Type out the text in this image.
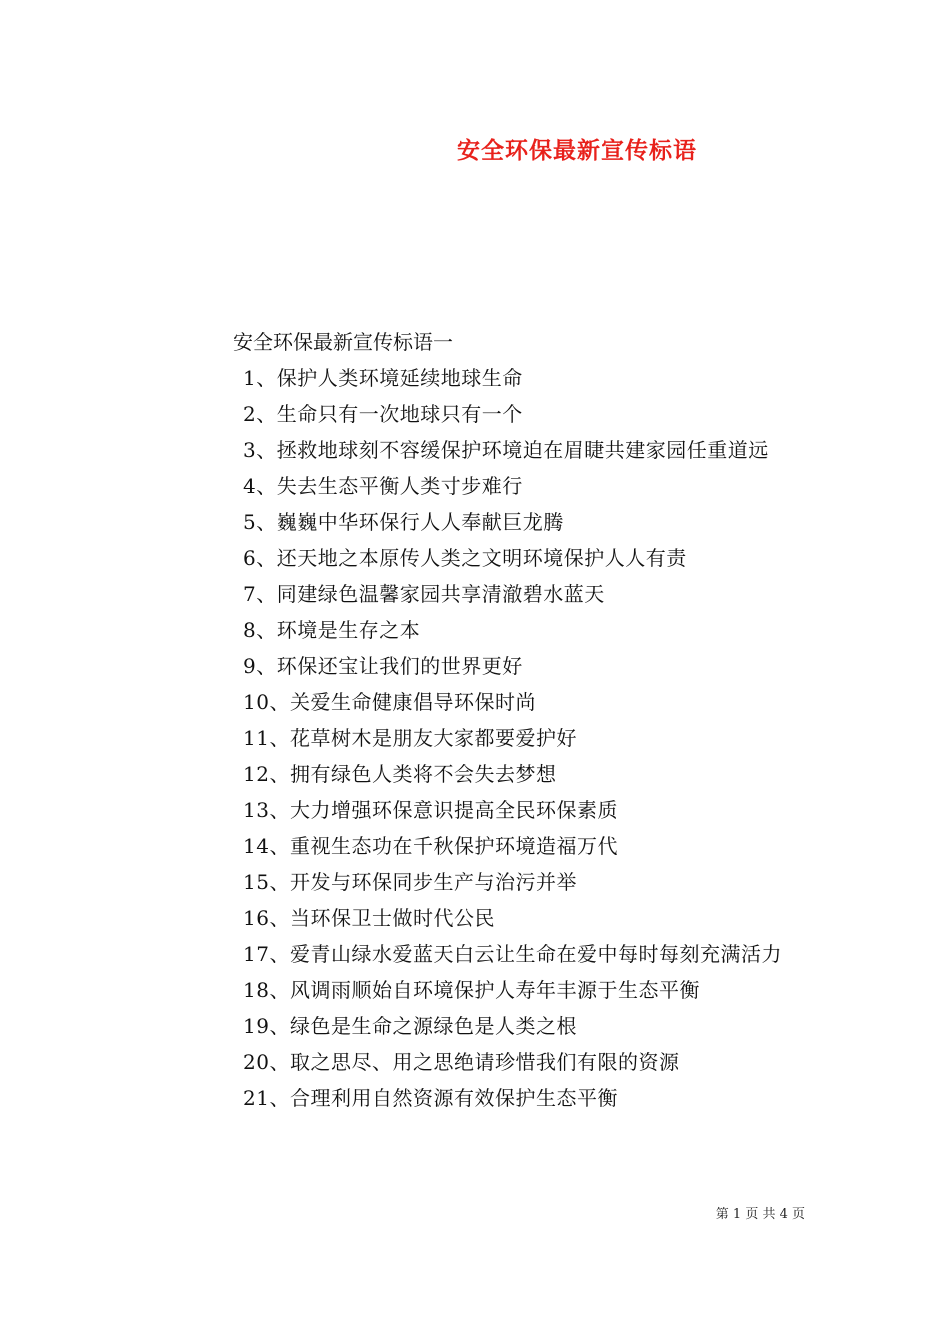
安全环保最新宣传标语
安全环保最新宣传标语一
1、保护人类环境延续地球生命
2、生命只有一次地球只有一个
3、拯救地球刻不容缓保护环境迫在眉睫共建家园任重道远
4、失去生态平衡人类寸步难行
5、巍巍中华环保行人人奉献巨龙腾
6、还天地之本原传人类之文明环境保护人人有责
7、同建绿色温馨家园共享清澈碧水蓝天
8、环境是生存之本
9、环保还宝让我们的世界更好
10、关爱生命健康倡导环保时尚
11、花草树木是朋友大家都要爱护好
12、拥有绿色人类将不会失去梦想
13、大力增强环保意识提高全民环保素质
14、重视生态功在千秋保护环境造福万代
15、开发与环保同步生产与治污并举
16、当环保卫士做时代公民
17、爱青山绿水爱蓝天白云让生命在爱中每时每刻充满活力
18、风调雨顺始自环境保护人寿年丰源于生态平衡
19、绿色是生命之源绿色是人类之根
20、取之思尽、用之思绝请珍惜我们有限的资源
21、合理利用自然资源有效保护生态平衡
第 1 页 共 4 页
